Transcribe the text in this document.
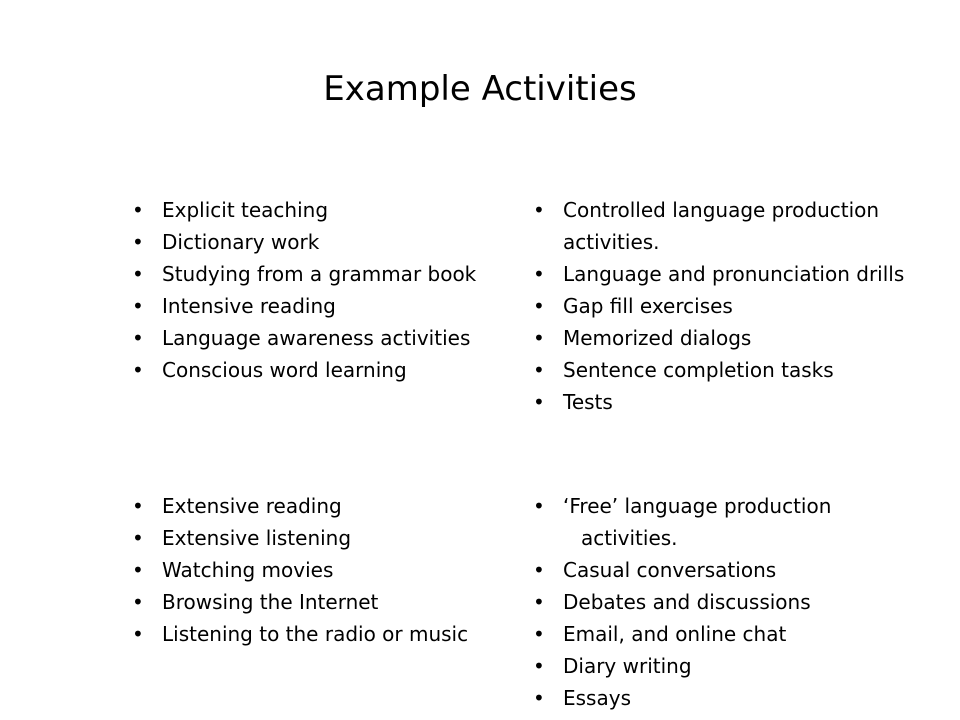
Example Activities
• Explicit teaching
• Dictionary work
• Studying from a grammar book
• Intensive reading
• Language awareness activities
• Conscious word learning
• Controlled language production activities.
• Language and pronunciation drills
• Gap fill exercises
• Memorized dialogs
• Sentence completion tasks
• Tests
• Extensive reading
• Extensive listening
• Watching movies
• Browsing the Internet
• Listening to the radio or music
• ‘Free’ language production
activities.
• Casual conversations
• Debates and discussions
• Email, and online chat
• Diary writing
• Essays
